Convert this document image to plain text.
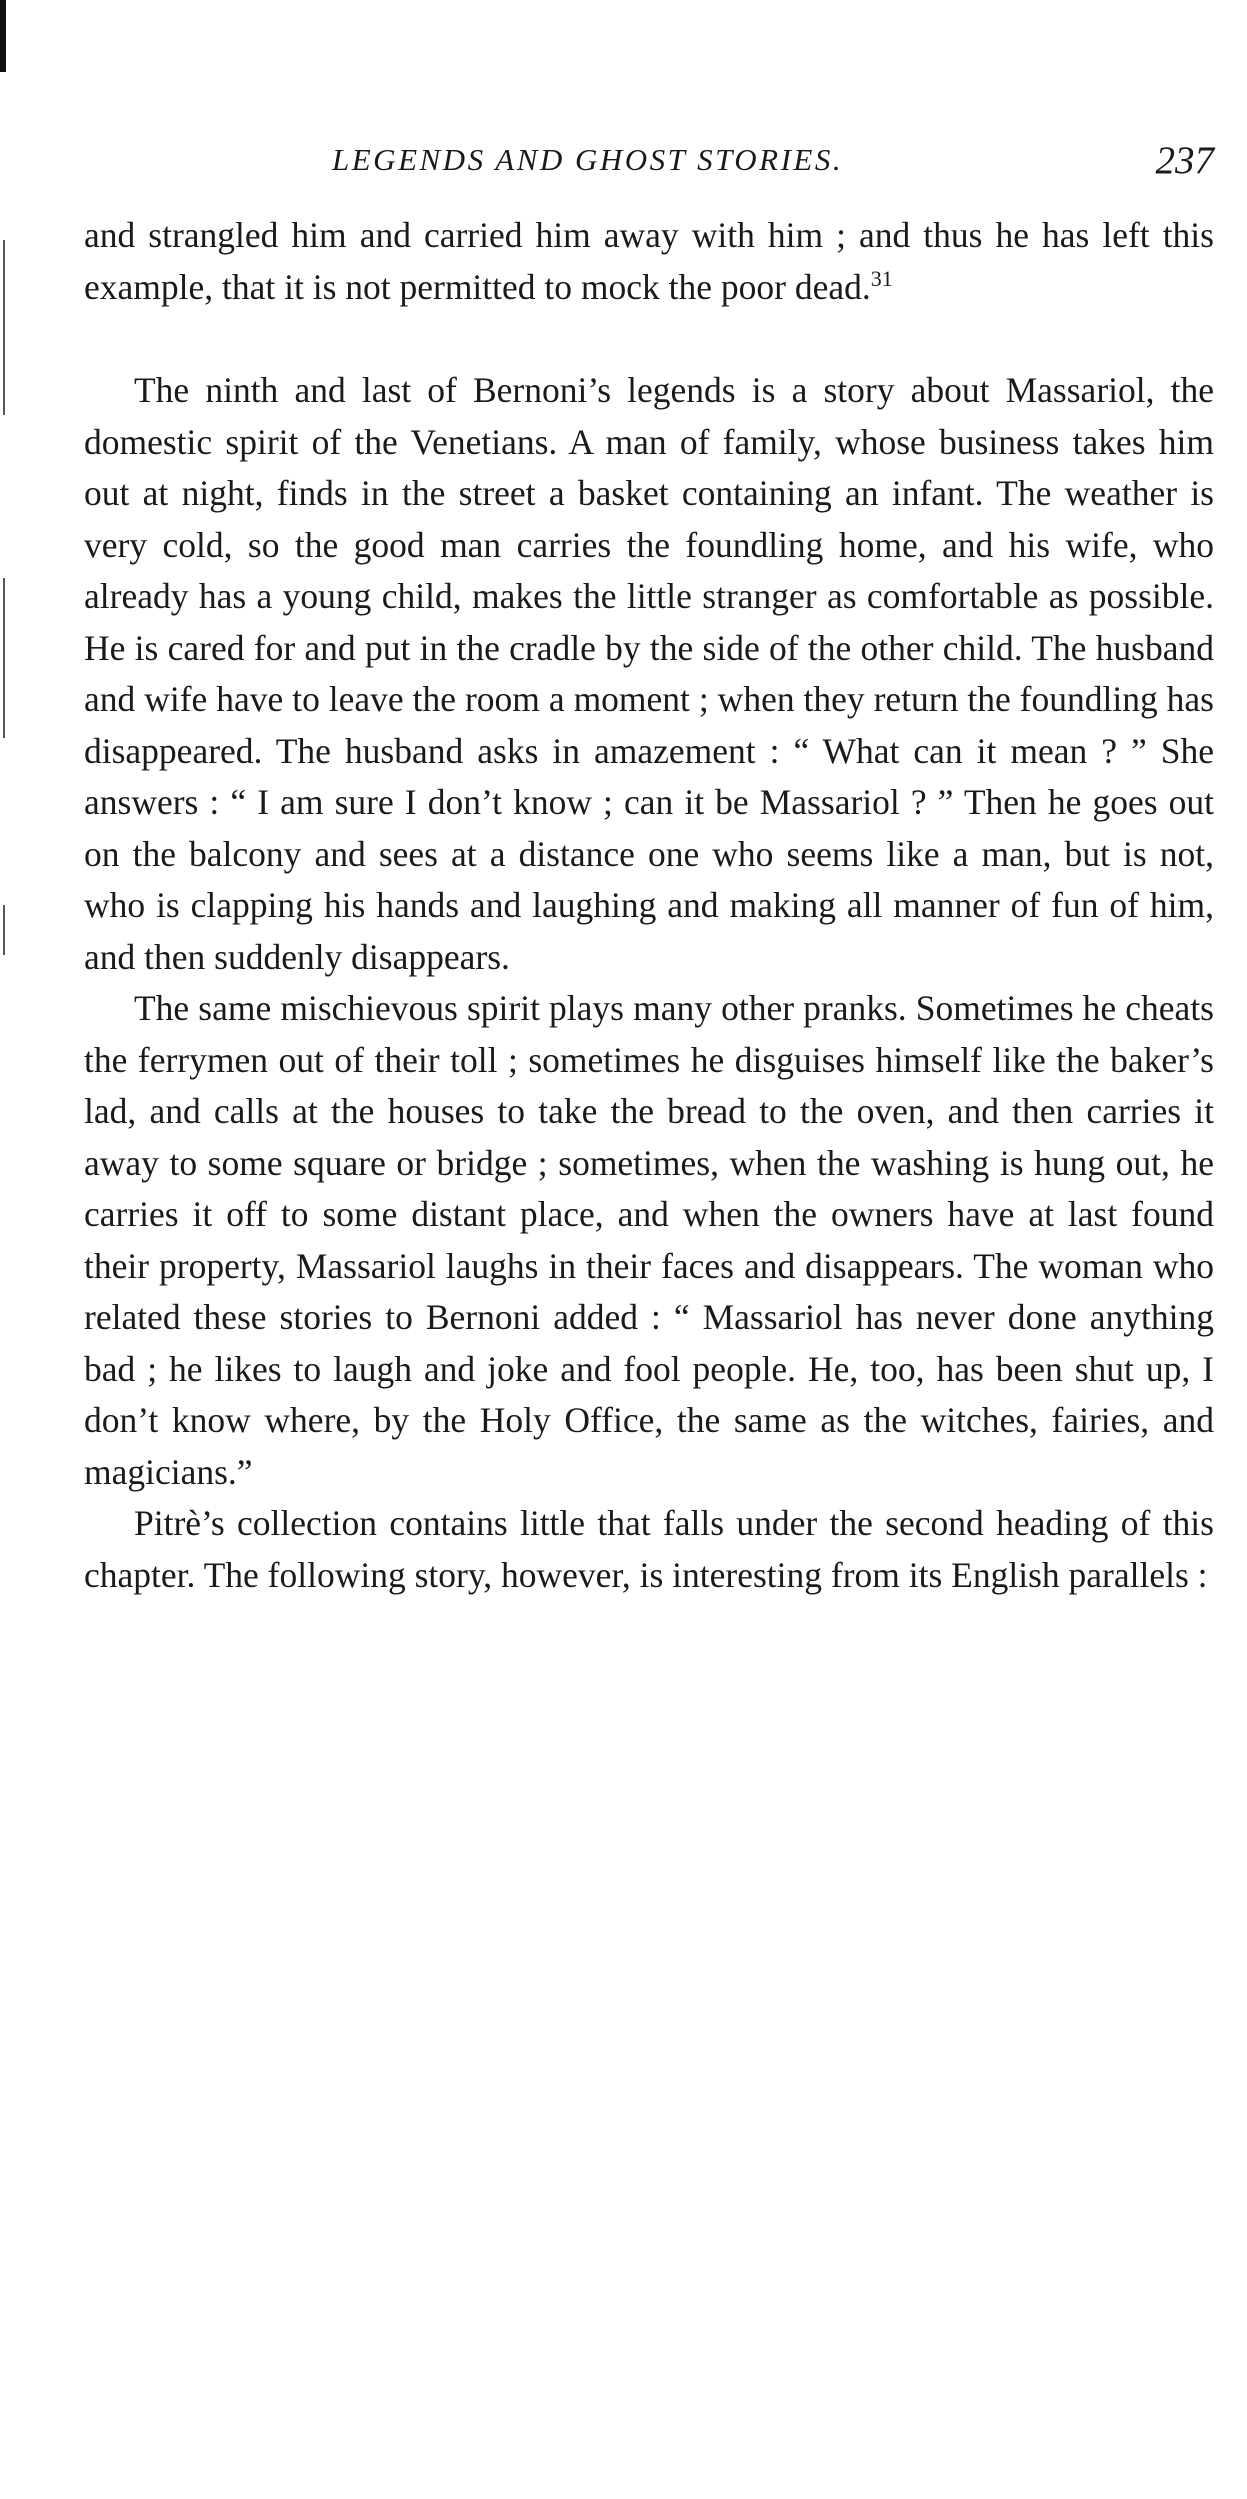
LEGENDS AND GHOST STORIES.	237

and strangled him and carried him away with him ; and thus he has left this example, that it is not permitted to mock the poor dead.$^{31}$

The ninth and last of Bernoni’s legends is a story about Massariol, the domestic spirit of the Venetians. A man of family, whose business takes him out at night, finds in the street a basket containing an infant. The weather is very cold, so the good man carries the foundling home, and his wife, who already has a young child, makes the little stranger as comfortable as possible. He is cared for and put in the cradle by the side of the other child. The husband and wife have to leave the room a moment ; when they return the foundling has disappeared. The husband asks in amazement : “ What can it mean ? ” She answers : “ I am sure I don’t know ; can it be Massariol ? ” Then he goes out on the balcony and sees at a distance one who seems like a man, but is not, who is clapping his hands and laughing and making all manner of fun of him, and then suddenly disappears.

The same mischievous spirit plays many other pranks. Sometimes he cheats the ferrymen out of their toll ; sometimes he disguises himself like the baker’s lad, and calls at the houses to take the bread to the oven, and then carries it away to some square or bridge ; sometimes, when the washing is hung out, he carries it off to some distant place, and when the owners have at last found their property, Massariol laughs in their faces and disappears. The woman who related these stories to Bernoni added : “ Massariol has never done anything bad ; he likes to laugh and joke and fool people. He, too, has been shut up, I don’t know where, by the Holy Office, the same as the witches, fairies, and magicians.”

Pitrè’s collection contains little that falls under the second heading of this chapter. The following story, however, is interesting from its English parallels :
